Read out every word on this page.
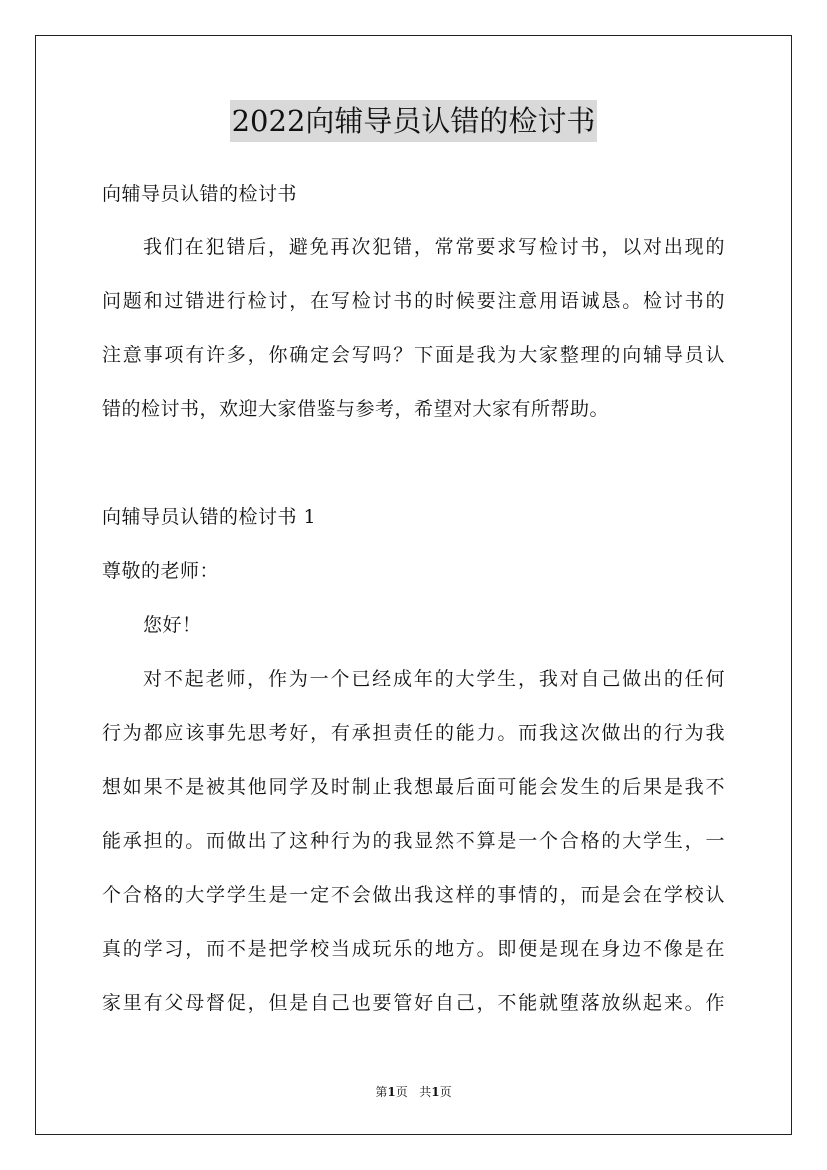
2022向辅导员认错的检讨书
向辅导员认错的检讨书
我们在犯错后，避免再次犯错，常常要求写检讨书，以对出现的
问题和过错进行检讨，在写检讨书的时候要注意用语诚恳。检讨书的
注意事项有许多，你确定会写吗？下面是我为大家整理的向辅导员认
错的检讨书，欢迎大家借鉴与参考，希望对大家有所帮助。
向辅导员认错的检讨书 1
尊敬的老师：
您好！
对不起老师，作为一个已经成年的大学生，我对自己做出的任何
行为都应该事先思考好，有承担责任的能力。而我这次做出的行为我
想如果不是被其他同学及时制止我想最后面可能会发生的后果是我不
能承担的。而做出了这种行为的我显然不算是一个合格的大学生，一
个合格的大学学生是一定不会做出我这样的事情的，而是会在学校认
真的学习，而不是把学校当成玩乐的地方。即便是现在身边不像是在
家里有父母督促，但是自己也要管好自己，不能就堕落放纵起来。作
第1页 共1页
